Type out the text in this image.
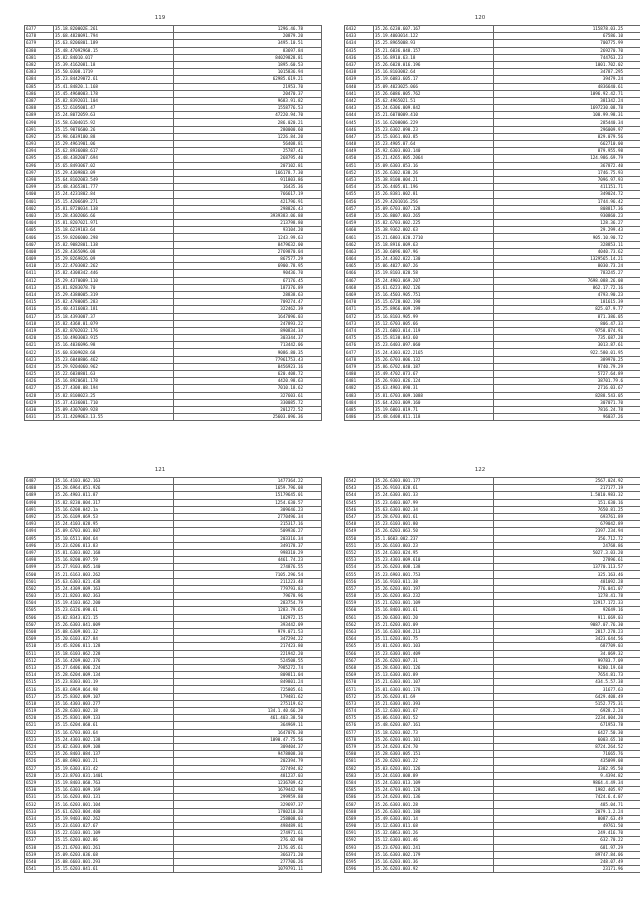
119
6377	35.18.820002E.261	1296.46.78
6378	35.68.4820091.794	20879.20
6379	35.63.8206801.189	3495.10.51
6380	35.48.47092960.15	83697.84
6381	35.82.84010.017	84029828.81
6382	35.39.4162081.18	1895.60.53
6383	35.50.0300.1719	1015836.94
6384	35.23.84429072.61	62985.619.21
6385	35.41.84820.1.168	21953.70
6386	35.45.4960003.178	20470.37
6387	35.82.8392031.104	9683.91.82
6388	35.52.6105001.47	1558776.53
6389	35.24.8072059.63	47220.94.70
6390	35.58.6304015.92	286.020.21
6391	35.15.9076600.26	280000.60
6392	35.98.6039100.88	1226.84.20
6393	35.29.4961901.06	56408.81
6394	35.62.8936008.617	25787.41
6395	35.48.4382007.694	268795.40
6396	35.65.8493067.02	207102.81
6397	35.29.4309803.09	166178.7.30
6398	35.64.8102083.549	911803.86
6399	35.48.4365301.777	16435.36
6400	35.24.4231802.84	766617.19
6401	35.15.4206609.271	421796.91
6402	35.81.8720034.138	298826.43
6403	35.28.4302066.66	3939383.06.88
6404	35.81.8207021.971	213798.80
6405	35.18.6239103.64	93104.20
6406	35.59.8206000.298	1243.99.63
6407	35.82.9082801.138	8479632.00
6408	35.28.4365096.08	2769870.04
6409	35.29.8269826.09	867577.29
6410	35.22.4703082.262	6900.78.95
6411	35.82.4308342.446	90436.70
6412	35.29.4370009.110	67176.45
6413	35.81.8283078.70	187376.89
6414	35.29.4380005.319	28838.63
6415	35.82.4780085.283	709274.47
6416	35.40.4316003.181	322462.39
6417	35.18.4393007.37	1647096.03
6418	35.82.4368.01.079	247893.22
6419	35.82.8702032.176	890834.34
6420	35.10.4903003.915	303344.37
6421	35.16.4036096.98	713442.06
6422	35.60.8309028.68	9086.80.35
6423	35.23.6040806.462	77961753.43
6424	35.29.9204060.962	8456923.16
6425	35.22.6030801.63	620.408.72
6426	35.16.8920681.178	4420.98.63
6427	35.27.4308.08.194	7010.18.62
6428	35.82.8108023.25	327603.61
6429	35.37.4336001.710	330085.72
6430	35.09.4307089.928	201272.52
6431	35.31.4209063.13.55	25603.096.36
120
6432	35.26.6230.607.167	115878.03.25
6433	35.19.4003014.122	67586.10
6434	35.25.8965008.93	700775.99
6435	35.21.6036.048.157	269270.70
6436	35.16.8910.63.18	744763.23
6437	35.26.6020.016.196	1001.702.02
6438	35.16.8103082.64	34787.295
6439	35.19.6083.605.17	39479.24
6440	35.09.4023025.066	4836640.61
6441	35.26.6086.005.762	1096.92.42.71
6442	35.62.4965021.51	381342.24
6443	35.24.6306.009.842	1697230.08.78
6444	35.21.6070009.410	100.99.98.31
6445	35.16.6200006.229	285440.34
6446	35.23.6302.090.23	296009.97
6447	35.15.0361.003.85	829.079.56
6448	35.23.4905.07.64	662710.00
6449	35.92.6303.003.140	879.955.98
6450	35.21.4265.005.2064	124.986.69.79
6451	35.09.6303.053.16	367872.40
6452	35.26.6302.030.26	1746.75.93
6453	35.38.8100.004.21	7096.97.93
6454	35.26.4405.01.196	411151.71
6455	35.26.8381.002.81	349024.72
6456	35.29.4201016.256	1744.96.42
6457	35.09.6703.007.128	808817.36
6458	35.26.8007.003.265	930860.23
6459	35.82.6703.002.225	128.36.27
6460	35.38.9362.002.63	29.299.43
6461	35.21.6803.020.2710	905.10.90.72
6462	35.18.8916.009.63	328853.11
6463	35.30.6096.007.96	4040.73.62
6464	35.24.4302.022.130	1329565.14.21
6465	35.06.4027.007.26	8030.73.24
6466	35.19.8103.020.58	783245.27
6467	35.24.4903.069.207	7698.088.26.08
6468	35.61.6223.002.126	862.17.72.16
6469	35.16.4503.905.751	4793.90.23
6470	35.15.6720.002.190	181615.39
6471	35.25.8966.009.199	825.07.9.77
6472	35.16.8103.905.99	871.386.05
6473	35.12.6703.005.66	806.47.33
6474	35.21.6003.014.119	9758.074.91
6475	35.15.8130.043.60	735.687.28
6476	35.23.6403.097.060	3013.87.61
6477	35.24.4303.022.2165	922.580.01.95
6478	35.26.6703.006.132	389970.25
6479	35.86.6702.040.187	9740.79.29
6480	35.49.4702.073.67	5727.64.89
6481	35.26.9303.026.124	38701.79.6
6482	35.63.4903.090.31	2716.03.67
6483	35.81.6703.009.1088	8288.543.05
6484	35.64.4203.009.160	307071.70
6485	35.19.6003.019.71	7816.24.78
6486	35.48.6408.011.118	96037.26
121
6487	35.16.4103.062.163	1477364.22
6488	35.28.6964.051.926	1659.796.08
6489	35.26.4903.011.87	15179645.01
6490	35.82.8230.004.317	1254.630.57
6491	35.16.6208.042.1a	309646.23
6492	35.26.6109.069.53	2770496.34
6493	35.24.4103.028.95	215317.16
6494	35.09.6703.001.807	509936.27
6495	35.10.6511.004.64	203316.34
6496	35.23.6206.013.83	349178.37
6497	35.81.6303.002.168	998310.29
6498	35.16.8200.097.59	4461.74.23
6499	35.27.9103.005.140	274876.55
6500	35.21.6163.003.262	7105.296.54
6501	35.63.6303.021.438	211223.48
6502	35.24.4309.009.163	779793.83
6503	35.21.8203.002.363	79678.96
6504	35.19.4103.062.200	283754.79
6505	35.23.6326.090.61	1283.79.65
6506	35.02.8343.021.15	182972.15
6507	35.26.6303.041.009	393442.09
6508	35.08.6309.001.32	979.071.53
6509	35.20.6103.027.84	347294.22
6510	35.45.8206.011.128	217423.80
6511	35.18.6103.062.228	221942.20
6512	35.16.4209.002.376	524508.55
6513	35.27.6406.006.224	7985272.74
6514	35.28.6204.009.134	809811.04
6515	35.23.8303.001.19	849801.24
6516	35.83.6969.064.98	725805.61
6517	35.25.8302.009.107	179481.62
6518	35.16.4303.003.277	275119.62
6519	35.28.6303.002.18	134.1.40.66.29
6520	35.25.8301.009.133	461.403.38.50
6521	35.15.6204.060.61	364969.11
6522	35.16.6703.003.64	1647076.30
6523	35.24.4303.002.138	1090.47.75.56
6524	35.02.6303.009.108	309404.37
6525	35.26.8403.084.137	9478808.30
6526	35.08.6903.001.21	202394.79
6527	35.19.6303.031.42	327494.82
6528	35.23.8703.031.1401	481237.03
6529	35.19.8403.060.763	1236709.42
6530	35.16.6303.009.169	1679442.98
6531	35.16.6203.003.131	299959.88
6532	35.16.6203.001.104	329697.37
6533	35.61.6203.004.400	1780210.20
6534	35.19.9403.002.262	258808.03
6535	35.23.6103.027.67	498489.81
6536	35.22.6103.001.109	274971.61
6537	35.15.6203.002.86	276.02.98
6538	35.21.6703.001.261	2176.05.61
6539	35.09.6203.036.68	366371.20
6540	35.08.6603.001.293	277706.26
6541	35.15.6203.041.61	1079791.11
122
6542	35.26.6303.001.177	2567.024.92
6543	35.26.9103.028.61	217177.19
6544	35.24.6303.001.33	1.5010.983.32
6545	35.23.6403.007.99	151.630.16
6546	35.63.6303.002.34	7650.81.25
6547	35.28.6703.001.61	693761.89
6548	35.23.6103.001.80	679042.89
6549	35.26.6203.063.50	2397.234.94
6550	35.1.6603.002.237	356.712.72
6551	35.26.6103.003.23	24768.86
6552	35.24.6303.024.95	5027.3.03.20
6553	35.23.4303.009.610	27896.61
6554	35.26.6203.008.138	13770.113.57
6555	35.23.6903.001.753	325.163.46
6556	35.16.9103.011.38	481092.28
6557	35.26.6203.001.197	776.041.07
6558	35.26.6203.063.232	1278.41.78
6559	35.21.6203.001.109	12917.172.33
6560	35.16.8403.001.61	92649.16
6561	35.20.6303.001.20	911.669.03
6562	35.21.6203.001.09	9087.07.76.30
6563	35.16.6303.004.213	2817.278.23
6564	35.11.6203.001.75	3423.644.56
6565	35.01.6203.001.103	687709.03
6566	35.23.6303.001.409	34.069.32
6567	35.26.6203.007.31	99783.7.09
6568	35.28.6303.001.126	9280.19.68
6569	35.13.6303.001.89	7654.81.73
6570	35.21.6303.001.107	434.5.57.38
6571	35.01.6303.001.178	31677.63
6572	35.26.6203.01.69	6429.408.49
6573	35.21.6303.001.393	5152.775.31
6574	35.12.6303.001.67	6928.2.24
6575	35.06.6103.001.52	2234.004.20
6576	35.48.6203.007.161	671953.78
6577	35.18.6203.002.73	6427.50.30
6578	35.26.6203.001.101	6003.65.10
6579	35.24.6203.024.70	8724.264.52
6580	35.28.6303.005.151	71665.76
6581	35.20.6203.001.22	435099.08
6582	35.03.6203.001.126	3382.95.50
6583	35.24.6103.008.89	9.4394.82
6584	35.24.6303.013.109	9864.4.49.34
6585	35.24.6703.001.128	1982.405.97
6586	35.24.6203.001.136	7424.6.4.07
6587	35.26.6303.001.28	485.04.71
6588	35.26.6303.001.180	2079.1.2.24
6589	35.49.6303.001.14	8087.63.49
6590	35.12.6303.011.68	49761.50
6591	35.32.6863.001.26	249.416.70
6592	35.12.6303.001.46	632.70.22
6593	35.23.6703.001.241	681.97.29
6594	35.16.6303.002.179	89747.84.06
6595	35.16.6203.001.36	248.07.49
6596	35.26.6203.003.92	23171.96
